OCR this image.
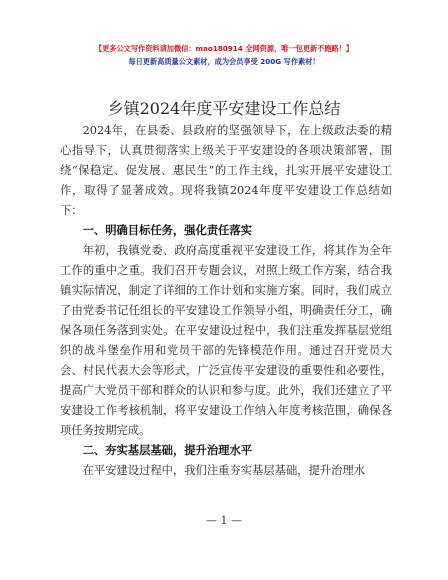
【更多公文写作资料请加微信：mao180914 全网资源，唯一包更新不跑路！】
每日更新高质量公文素材，成为会员享受 200G 写作素材！
乡镇2024年度平安建设工作总结

2024年，在县委、县政府的坚强领导下，在上级政法委的精心指导下，认真贯彻落实上级关于平安建设的各项决策部署，围绕“保稳定、促发展、惠民生”的工作主线，扎实开展平安建设工作，取得了显著成效。现将我镇2024年度平安建设工作总结如下：

一、明确目标任务，强化责任落实

年初，我镇党委、政府高度重视平安建设工作，将其作为全年工作的重中之重。我们召开专题会议，对照上级工作方案，结合我镇实际情况，制定了详细的工作计划和实施方案。同时，我们成立了由党委书记任组长的平安建设工作领导小组，明确责任分工，确保各项任务落到实处。在平安建设过程中，我们注重发挥基层党组织的战斗堡垒作用和党员干部的先锋模范作用。通过召开党员大会、村民代表大会等形式，广泛宣传平安建设的重要性和必要性，提高广大党员干部和群众的认识和参与度。此外，我们还建立了平安建设工作考核机制，将平安建设工作纳入年度考核范围，确保各项任务按期完成。

二、夯实基层基础，提升治理水平

在平安建设过程中，我们注重夯实基层基础，提升治理水

— 1 —
